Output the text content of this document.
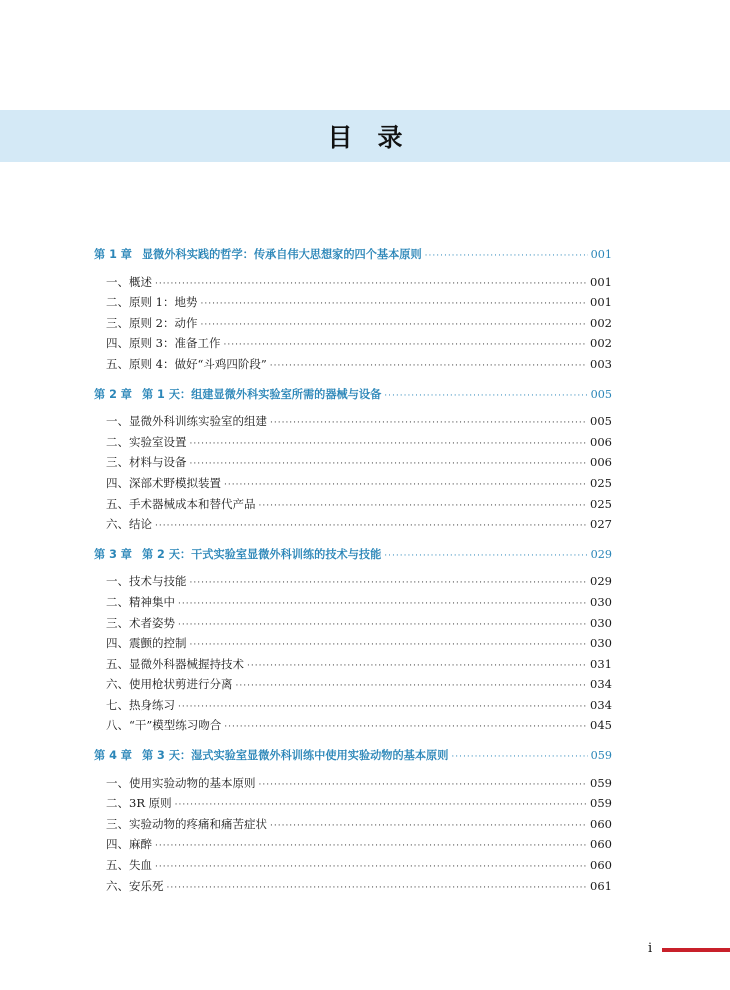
目　录
第 1 章 显微外科实践的哲学：传承自伟大思想家的四个基本原则 ·····	001
一、概述 ·····	001
二、原则 1：地势 ·····	001
三、原则 2：动作 ·····	002
四、原则 3：准备工作 ·····	002
五、原则 4：做好“斗鸡四阶段” ·····	003
第 2 章 第 1 天：组建显微外科实验室所需的器械与设备 ·····	005
一、显微外科训练实验室的组建 ·····	005
二、实验室设置 ·····	006
三、材料与设备 ·····	006
四、深部术野模拟装置 ·····	025
五、手术器械成本和替代产品 ·····	025
六、结论 ·····	027
第 3 章 第 2 天：干式实验室显微外科训练的技术与技能 ·····	029
一、技术与技能 ·····	029
二、精神集中 ·····	030
三、术者姿势 ·····	030
四、震颤的控制 ·····	030
五、显微外科器械握持技术 ·····	031
六、使用枪状剪进行分离 ·····	034
七、热身练习 ·····	034
八、“干”模型练习吻合 ·····	045
第 4 章 第 3 天：湿式实验室显微外科训练中使用实验动物的基本原则 ·····	059
一、使用实验动物的基本原则 ·····	059
二、3R 原则 ·····	059
三、实验动物的疼痛和痛苦症状 ·····	060
四、麻醉 ·····	060
五、失血 ·····	060
六、安乐死 ·····	061
i
